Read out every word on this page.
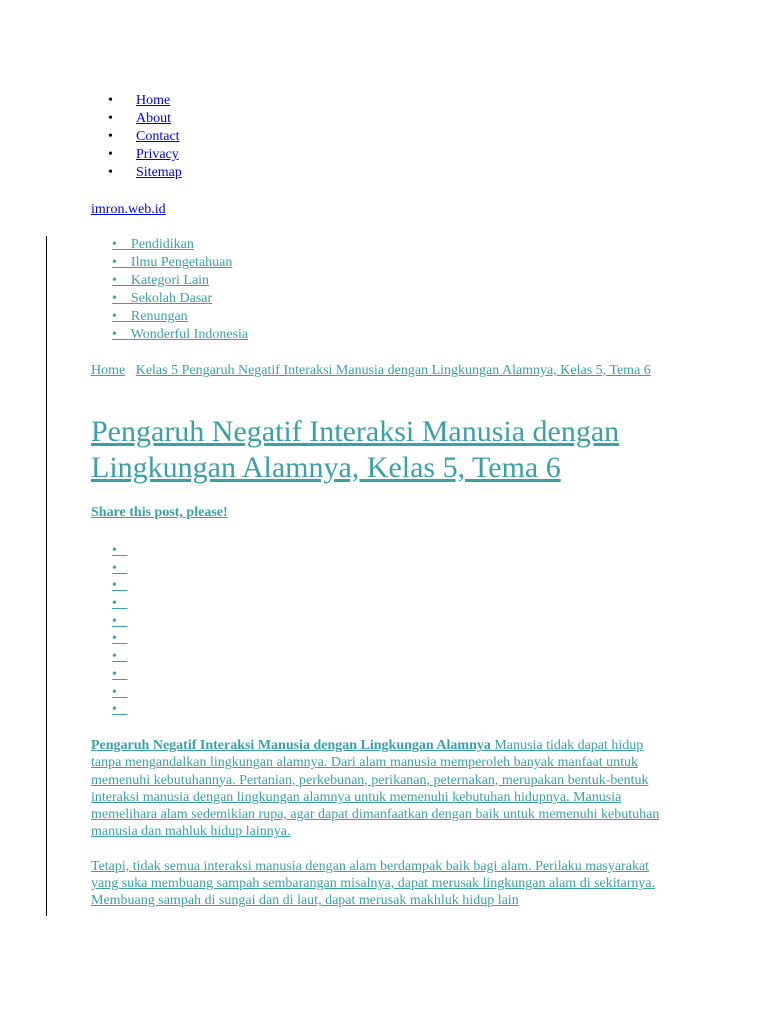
• Home
• About
• Contact
• Privacy
• Sitemap
imron.web.id
• Pendidikan
• Ilmu Pengetahuan
• Kategori Lain
• Sekolah Dasar
• Renungan
• Wonderful Indonesia
Home Kelas 5 Pengaruh Negatif Interaksi Manusia dengan Lingkungan Alamnya, Kelas 5, Tema 6
Pengaruh Negatif Interaksi Manusia dengan Lingkungan Alamnya, Kelas 5, Tema 6
Share this post, please!
•
•
•
•
•
•
•
•
•
•

Pengaruh Negatif Interaksi Manusia dengan Lingkungan Alamnya Manusia tidak dapat hidup tanpa mengandalkan lingkungan alamnya. Dari alam manusia memperoleh banyak manfaat untuk memenuhi kebutuhannya. Pertanian, perkebunan, perikanan, peternakan, merupakan bentuk-bentuk interaksi manusia dengan lingkungan alamnya untuk memenuhi kebutuhan hidupnya. Manusia memelihara alam sedemikian rupa, agar dapat dimanfaatkan dengan baik untuk memenuhi kebutuhan manusia dan mahluk hidup lainnya.

Tetapi, tidak semua interaksi manusia dengan alam berdampak baik bagi alam. Perilaku masyarakat yang suka membuang sampah sembarangan misalnya, dapat merusak lingkungan alam di sekitarnya. Membuang sampah di sungai dan di laut, dapat merusak makhluk hidup lain
